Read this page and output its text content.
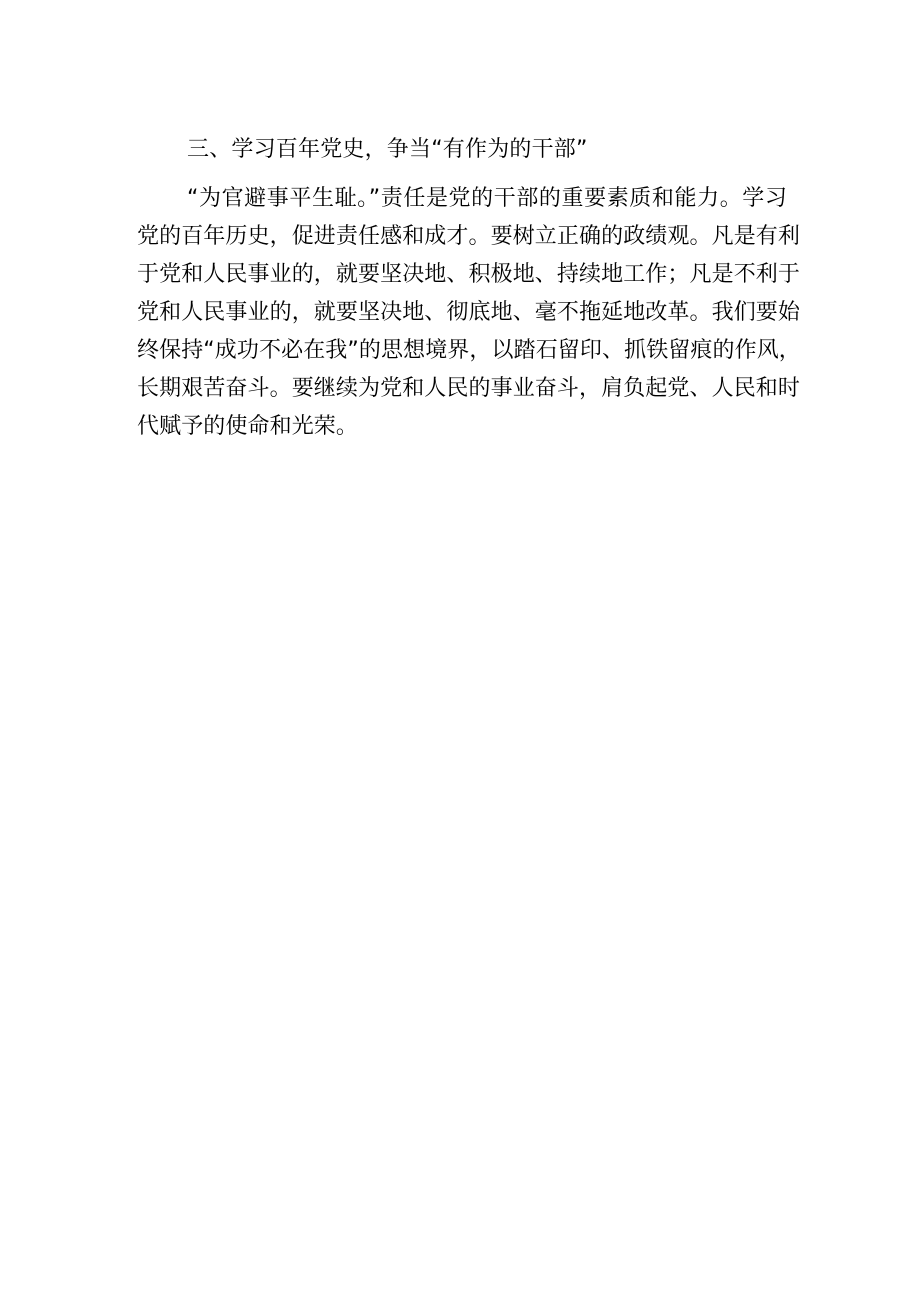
三、学习百年党史，争当“有作为的干部”
“为官避事平生耻。”责任是党的干部的重要素质和能力。学习
党的百年历史，促进责任感和成才。要树立正确的政绩观。凡是有利
于党和人民事业的，就要坚决地、积极地、持续地工作；凡是不利于
党和人民事业的，就要坚决地、彻底地、毫不拖延地改革。我们要始
终保持“成功不必在我”的思想境界，以踏石留印、抓铁留痕的作风，
长期艰苦奋斗。要继续为党和人民的事业奋斗，肩负起党、人民和时
代赋予的使命和光荣。
